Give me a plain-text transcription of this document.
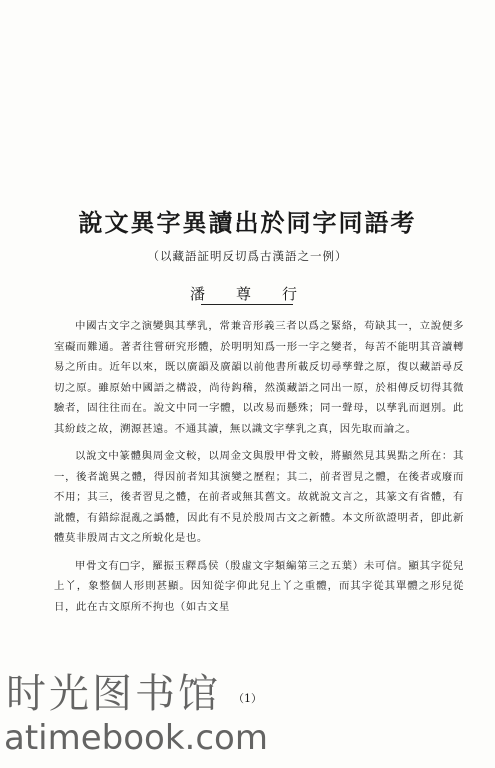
說文異字異讀出於同字同語考
（以藏語証明反切爲古漢語之一例）
潘　尊　行

中國古文字之演變與其孳乳，常兼音形義三者以爲之緊絡，苟缺其一，立說便多室礙而難通。著者往嘗研究形體，於明明知爲一形一字之變者，每苦不能明其音讀轉易之所由。近年以來，既以廣韻及廣韻以前他書所載反切尋孳聲之原，復以藏語尋反切之原。雖原始中國語之構設，尚待鈎稽，然漢藏語之同出一原，於相傳反切得其微驗者，固往往而在。說文中同一字體，以改易而懸殊；同一聲母，以孳乳而迥別。此其紛歧之故，溯源甚遠。不通其讀，無以識文字孳乳之真，因先取而論之。

以說文中篆體與周金文較，以周金文與殷甲骨文較，將顯然見其異點之所在：其一，後者詭異之體，得因前者知其演變之歷程；其二，前者習見之體，在後者或廢而不用；其三，後者習見之體，在前者或無其舊文。故就說文言之，其篆文有省體，有訛體，有錯綜混亂之譌體，因此有不見於殷周古文之新體。本文所欲證明者，卽此新體莫非殷周古文之所蛻化是也。

甲骨文有□字，羅振玉釋爲侯（殷虛文字類編第三之五葉）未可信。顯其字從兒上丫，象整個人形則甚顯。因知從字仰此兒上丫之重體，而其字從其單體之形兒從日，此在古文原所不拘也（如古文星

（1）
时光图书馆
atimebook.com
